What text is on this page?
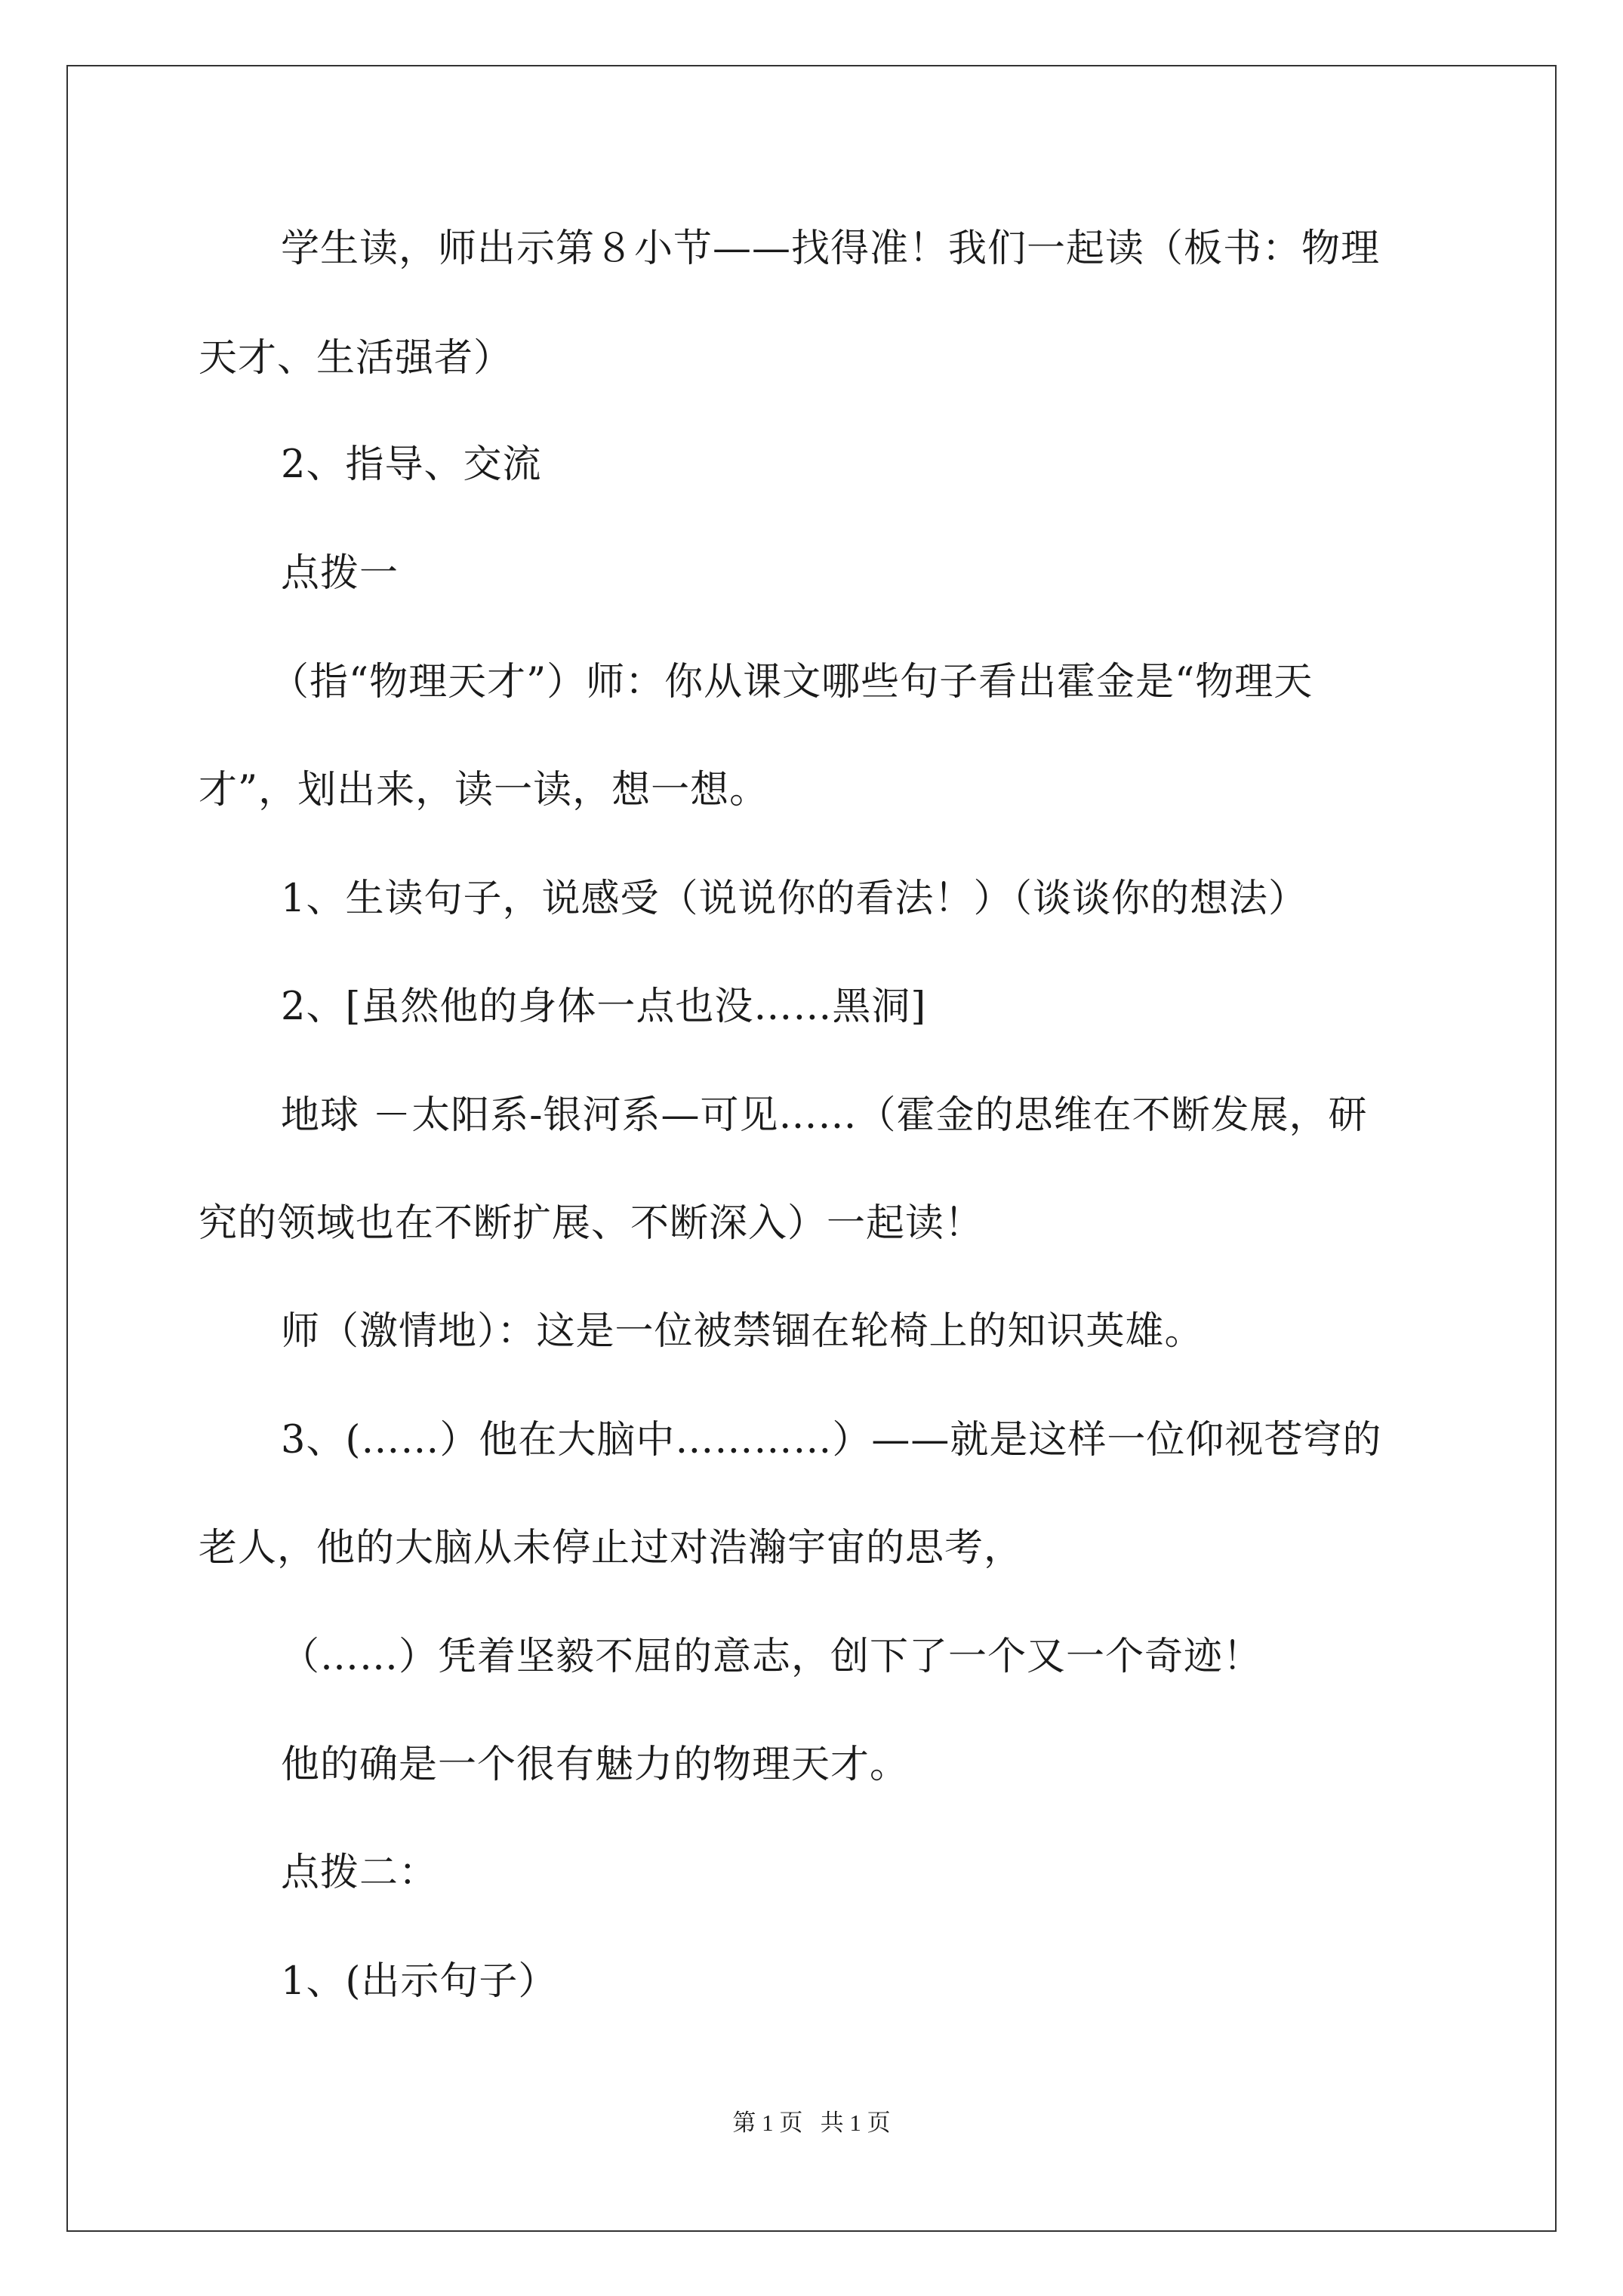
学生读，师出示第８小节——找得准！我们一起读（板书：物理
天才、生活强者）
2、指导、交流
点拨一
（指“物理天才”）师：你从课文哪些句子看出霍金是“物理天
才”，划出来，读一读，想一想。
1、生读句子，说感受（说说你的看法！）（谈谈你的想法）
2、[虽然他的身体一点也没……黑洞]
地球 －太阳系-银河系—可见……（霍金的思维在不断发展，研
究的领域也在不断扩展、不断深入）一起读！
师（激情地）：这是一位被禁锢在轮椅上的知识英雄。
3、(……）他在大脑中…………）——就是这样一位仰视苍穹的
老人，他的大脑从未停止过对浩瀚宇宙的思考，
（……）凭着坚毅不屈的意志，创下了一个又一个奇迹！
他的确是一个很有魅力的物理天才。
点拨二：
1、(出示句子）
第 1 页   共 1 页
